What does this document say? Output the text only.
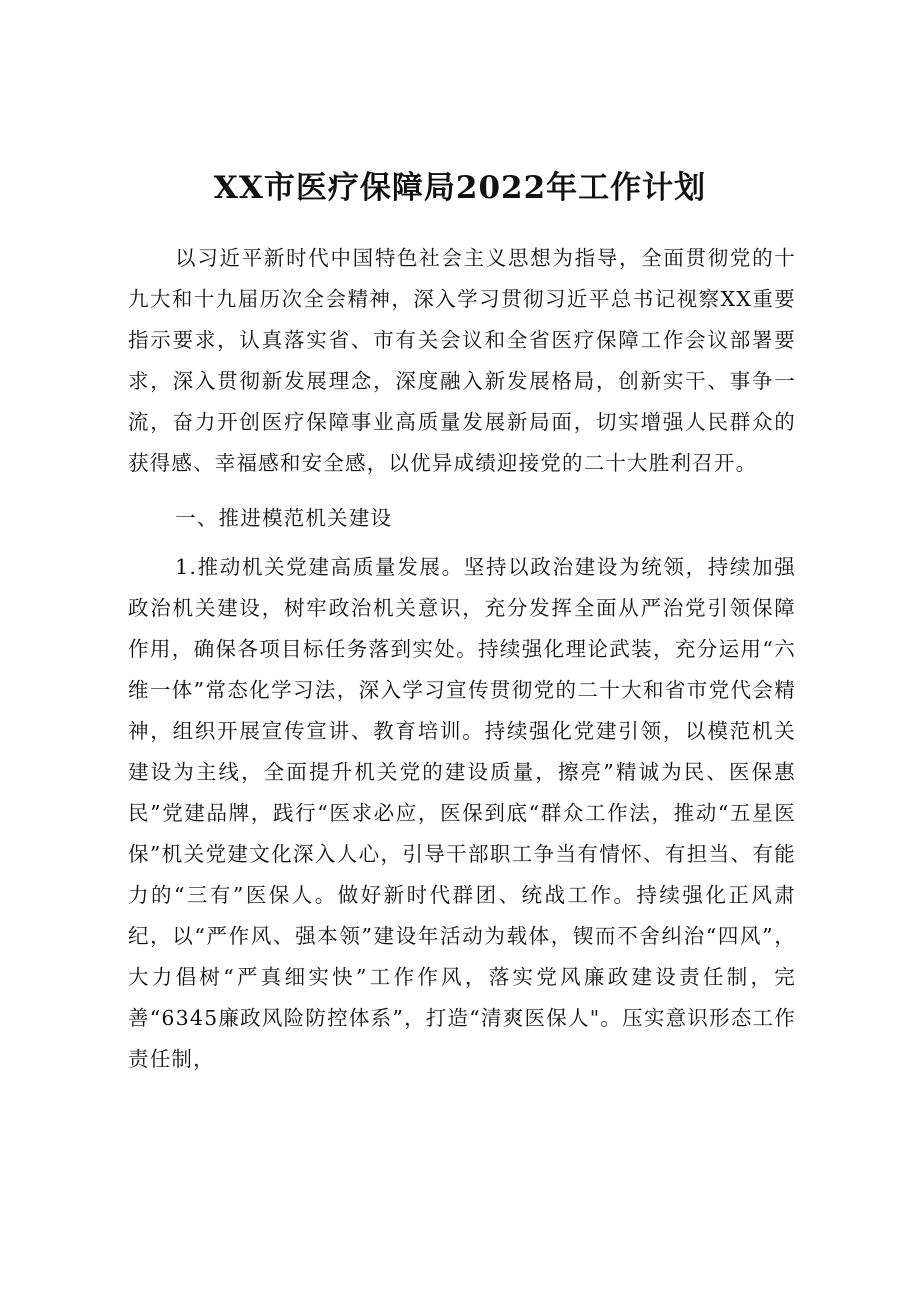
XX市医疗保障局2022年工作计划

以习近平新时代中国特色社会主义思想为指导，全面贯彻党的十九大和十九届历次全会精神，深入学习贯彻习近平总书记视察XX重要指示要求，认真落实省、市有关会议和全省医疗保障工作会议部署要求，深入贯彻新发展理念，深度融入新发展格局，创新实干、事争一流，奋力开创医疗保障事业高质量发展新局面，切实增强人民群众的获得感、幸福感和安全感，以优异成绩迎接党的二十大胜利召开。

一、推进模范机关建设

1.推动机关党建高质量发展。坚持以政治建设为统领，持续加强政治机关建设，树牢政治机关意识，充分发挥全面从严治党引领保障作用，确保各项目标任务落到实处。持续强化理论武装，充分运用“六维一体”常态化学习法，深入学习宣传贯彻党的二十大和省市党代会精神，组织开展宣传宣讲、教育培训。持续强化党建引领，以模范机关建设为主线，全面提升机关党的建设质量，擦亮”精诚为民、医保惠民”党建品牌，践行“医求必应，医保到底“群众工作法，推动“五星医保”机关党建文化深入人心，引导干部职工争当有情怀、有担当、有能力的“三有”医保人。做好新时代群团、统战工作。持续强化正风肃纪，以“严作风、强本领”建设年活动为载体，锲而不舍纠治“四风”，大力倡树“严真细实快”工作作风，落实党风廉政建设责任制，完善“6345廉政风险防控体系”，打造“清爽医保人"。压实意识形态工作责任制，
